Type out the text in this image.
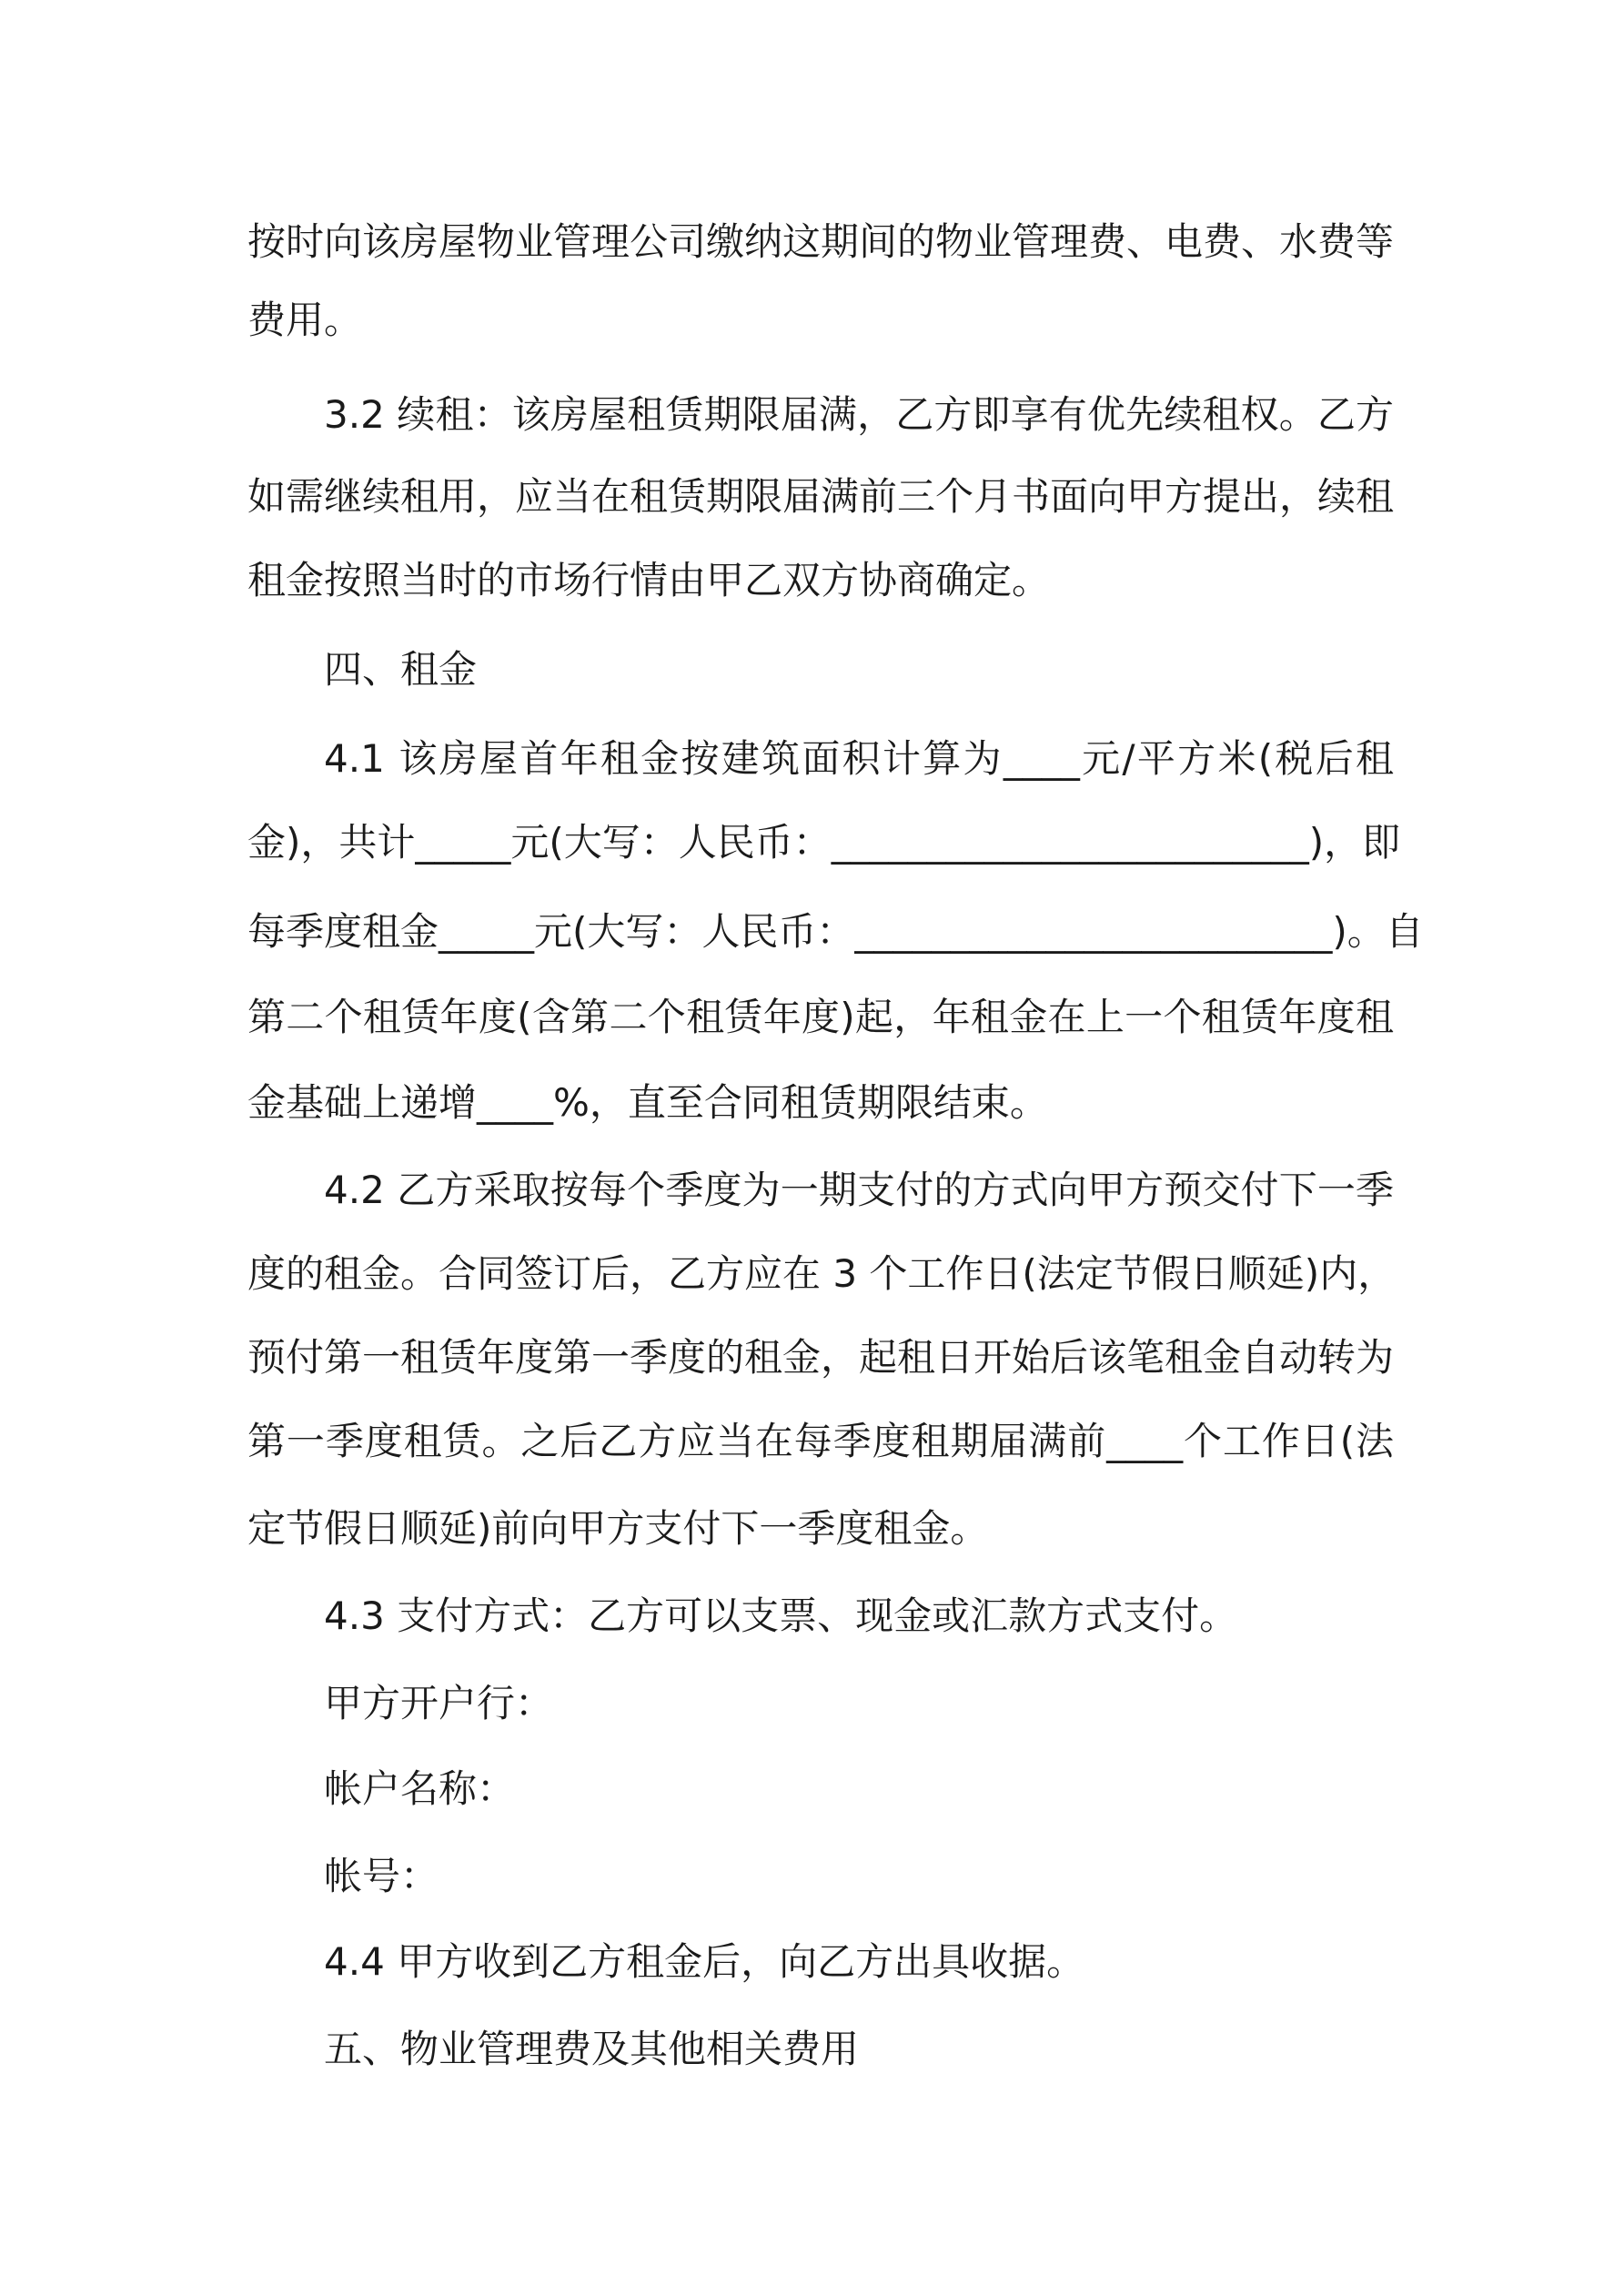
按时向该房屋物业管理公司缴纳这期间的物业管理费、电费、水费等
费用。
3.2 续租：该房屋租赁期限届满，乙方即享有优先续租权。乙方
如需继续租用，应当在租赁期限届满前三个月书面向甲方提出，续租
租金按照当时的市场行情由甲乙双方协商确定。
四、租金
4.1 该房屋首年租金按建筑面积计算为____元/平方米(税后租
金)，共计_____元(大写：人民币：_________________________)，即
每季度租金_____元(大写：人民币：_________________________)。自
第二个租赁年度(含第二个租赁年度)起，年租金在上一个租赁年度租
金基础上递增____%，直至合同租赁期限结束。
4.2 乙方采取按每个季度为一期支付的方式向甲方预交付下一季
度的租金。合同签订后，乙方应在 3 个工作日(法定节假日顺延)内，
预付第一租赁年度第一季度的租金，起租日开始后该笔租金自动转为
第一季度租赁。之后乙方应当在每季度租期届满前____个工作日(法
定节假日顺延)前向甲方支付下一季度租金。
4.3 支付方式：乙方可以支票、现金或汇款方式支付。
甲方开户行：
帐户名称：
帐号：
4.4 甲方收到乙方租金后，向乙方出具收据。
五、物业管理费及其他相关费用
